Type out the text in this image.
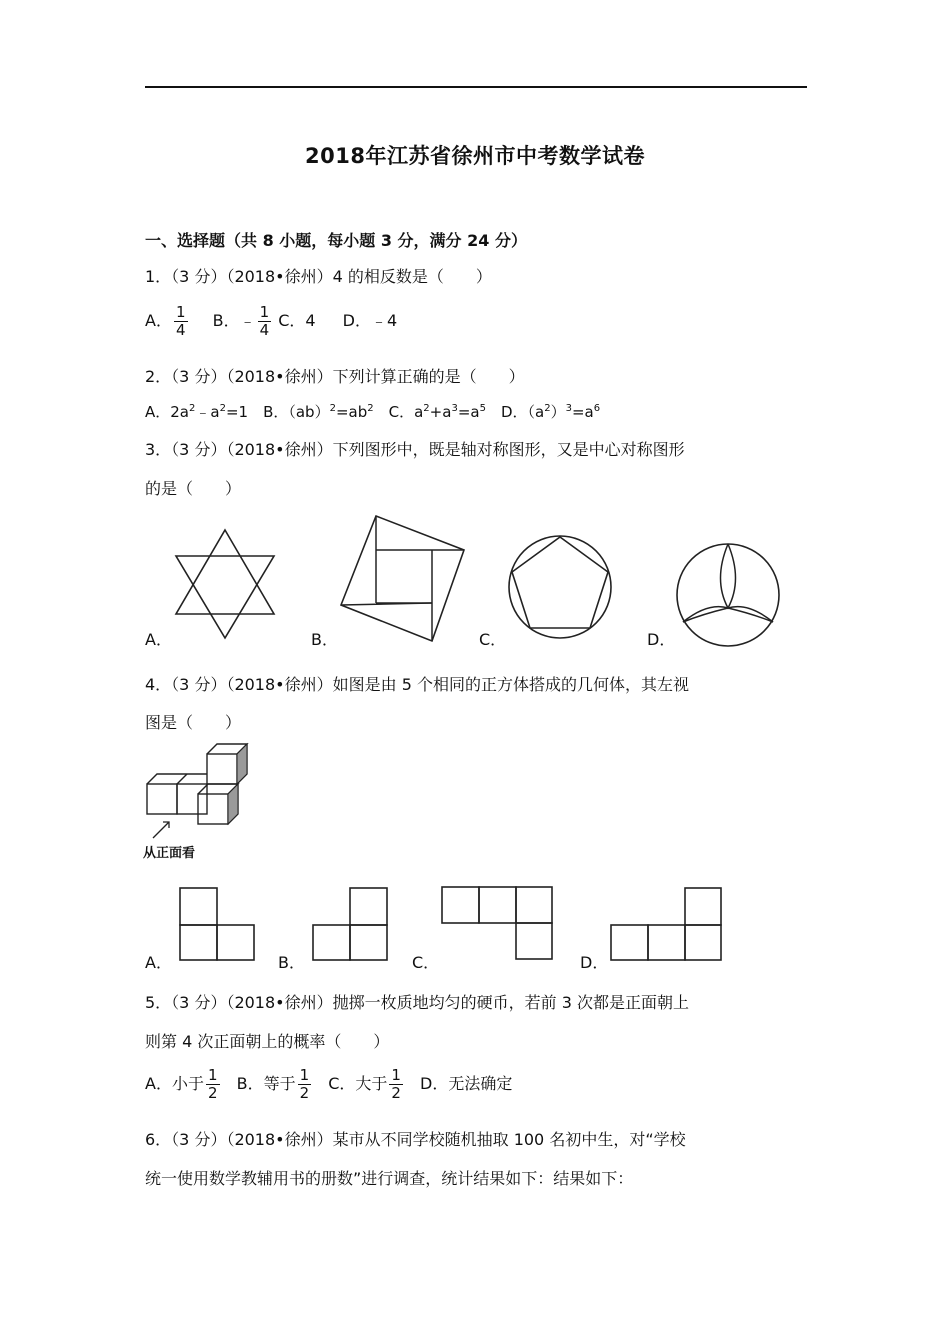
2018年江苏省徐州市中考数学试卷
一、选择题（共 8 小题，每小题 3 分，满分 24 分）
1．（3 分）（2018•徐州）4 的相反数是（　　）
A． $\frac{1}{4}$ B．﹣ $\frac{1}{4}$ C．4 D．﹣4
2．（3 分）（2018•徐州）下列计算正确的是（　　）
A．$2a^2﹣a^2=1$　B．$(ab)^2=ab^2$　C．$a^2+a^3=a^5$　D．$(a^2)^3=a^6$
3．（3 分）（2018•徐州）下列图形中，既是轴对称图形，又是中心对称图形
的是（　　）
A．	B．	C．	D．
4．（3 分）（2018•徐州）如图是由 5 个相同的正方体搭成的几何体，其左视
图是（　　）
从正面看
A．	B．	C．	D．
5．（3 分）（2018•徐州）抛掷一枚质地均匀的硬币，若前 3 次都是正面朝上
则第 4 次正面朝上的概率（　　）
A．小于 $\frac{1}{2}$ B．等于 $\frac{1}{2}$ C．大于 $\frac{1}{2}$ D．无法确定
6．（3 分）（2018•徐州）某市从不同学校随机抽取 100 名初中生，对“学校
统一使用数学教辅用书的册数”进行调查，统计结果如下：结果如下：
